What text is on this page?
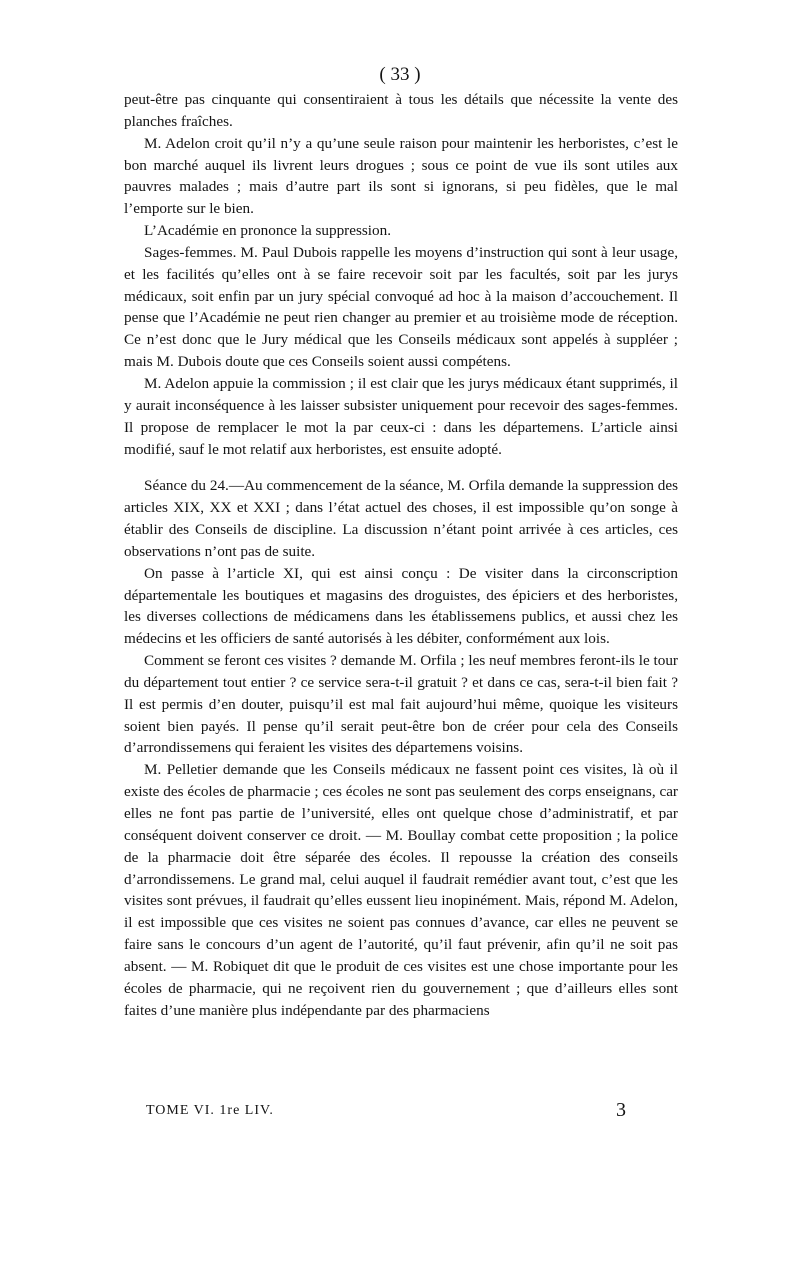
( 33 )

peut-être pas cinquante qui consentiraient à tous les détails que nécessite la vente des planches fraîches.

M. Adelon croit qu’il n’y a qu’une seule raison pour maintenir les herboristes, c’est le bon marché auquel ils livrent leurs drogues ; sous ce point de vue ils sont utiles aux pauvres malades ; mais d’autre part ils sont si ignorans, si peu fidèles, que le mal l’emporte sur le bien.

L’Académie en prononce la suppression.

Sages-femmes. M. Paul Dubois rappelle les moyens d’instruction qui sont à leur usage, et les facilités qu’elles ont à se faire recevoir soit par les facultés, soit par les jurys médicaux, soit enfin par un jury spécial convoqué ad hoc à la maison d’accouchement. Il pense que l’Académie ne peut rien changer au premier et au troisième mode de réception. Ce n’est donc que le Jury médical que les Conseils médicaux sont appelés à suppléer ; mais M. Dubois doute que ces Conseils soient aussi compétens.

M. Adelon appuie la commission ; il est clair que les jurys médicaux étant supprimés, il y aurait inconséquence à les laisser subsister uniquement pour recevoir des sages-femmes. Il propose de remplacer le mot la par ceux-ci : dans les départemens. L’article ainsi modifié, sauf le mot relatif aux herboristes, est ensuite adopté.

Séance du 24.—Au commencement de la séance, M. Orfila demande la suppression des articles XIX, XX et XXI ; dans l’état actuel des choses, il est impossible qu’on songe à établir des Conseils de discipline. La discussion n’étant point arrivée à ces articles, ces observations n’ont pas de suite.

On passe à l’article XI, qui est ainsi conçu : De visiter dans la circonscription départementale les boutiques et magasins des droguistes, des épiciers et des herboristes, les diverses collections de médicamens dans les établissemens publics, et aussi chez les médecins et les officiers de santé autorisés à les débiter, conformément aux lois.

Comment se feront ces visites ? demande M. Orfila ; les neuf membres feront-ils le tour du département tout entier ? ce service sera-t-il gratuit ? et dans ce cas, sera-t-il bien fait ? Il est permis d’en douter, puisqu’il est mal fait aujourd’hui même, quoique les visiteurs soient bien payés. Il pense qu’il serait peut-être bon de créer pour cela des Conseils d’arrondissemens qui feraient les visites des départemens voisins.

M. Pelletier demande que les Conseils médicaux ne fassent point ces visites, là où il existe des écoles de pharmacie ; ces écoles ne sont pas seulement des corps enseignans, car elles ne font pas partie de l’université, elles ont quelque chose d’administratif, et par conséquent doivent conserver ce droit. — M. Boullay combat cette proposition ; la police de la pharmacie doit être séparée des écoles. Il repousse la création des conseils d’arrondissemens. Le grand mal, celui auquel il faudrait remédier avant tout, c’est que les visites sont prévues, il faudrait qu’elles eussent lieu inopinément. Mais, répond M. Adelon, il est impossible que ces visites ne soient pas connues d’avance, car elles ne peuvent se faire sans le concours d’un agent de l’autorité, qu’il faut prévenir, afin qu’il ne soit pas absent. — M. Robiquet dit que le produit de ces visites est une chose importante pour les écoles de pharmacie, qui ne reçoivent rien du gouvernement ; que d’ailleurs elles sont faites d’une manière plus indépendante par des pharmaciens

TOME VI. 1re LIV.	3
